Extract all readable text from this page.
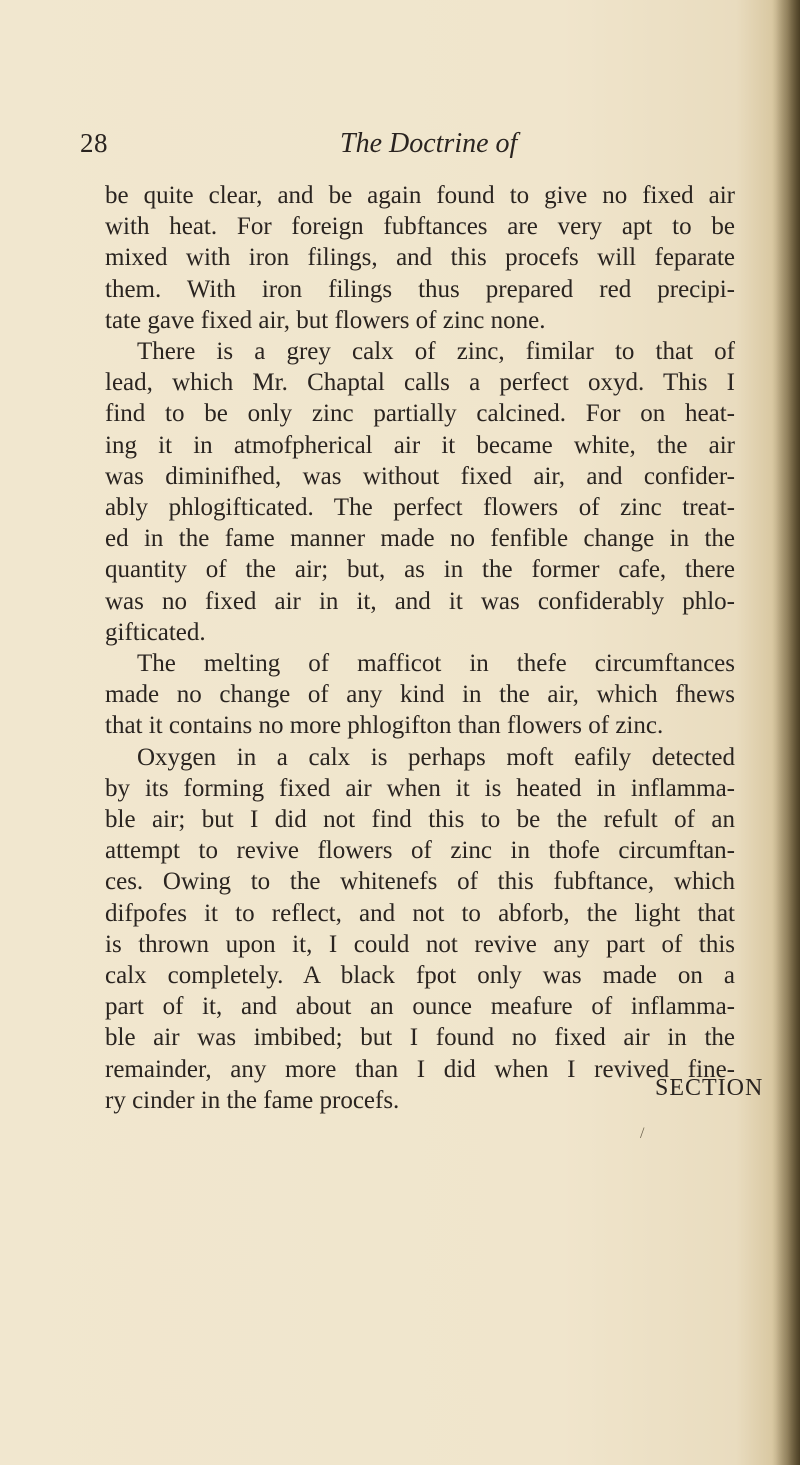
28	The Doctrine of
be quite clear, and be again found to give no fixed air
with heat. For foreign fubftances are very apt to be
mixed with iron filings, and this procefs will feparate
them. With iron filings thus prepared red precipi-
tate gave fixed air, but flowers of zinc none.
There is a grey calx of zinc, fimilar to that of
lead, which Mr. Chaptal calls a perfect oxyd. This I
find to be only zinc partially calcined. For on heat-
ing it in atmofpherical air it became white, the air
was diminifhed, was without fixed air, and confider-
ably phlogifticated. The perfect flowers of zinc treat-
ed in the fame manner made no fenfible change in the
quantity of the air; but, as in the former cafe, there
was no fixed air in it, and it was confiderably phlo-
gifticated.
The melting of mafficot in thefe circumftances
made no change of any kind in the air, which fhews
that it contains no more phlogifton than flowers of zinc.
Oxygen in a calx is perhaps moft eafily detected
by its forming fixed air when it is heated in inflamma-
ble air; but I did not find this to be the refult of an
attempt to revive flowers of zinc in thofe circumftan-
ces. Owing to the whitenefs of this fubftance, which
difpofes it to reflect, and not to abforb, the light that
is thrown upon it, I could not revive any part of this
calx completely. A black fpot only was made on a
part of it, and about an ounce meafure of inflamma-
ble air was imbibed; but I found no fixed air in the
remainder, any more than I did when I revived fine-
ry cinder in the fame procefs.	SECTION
/
